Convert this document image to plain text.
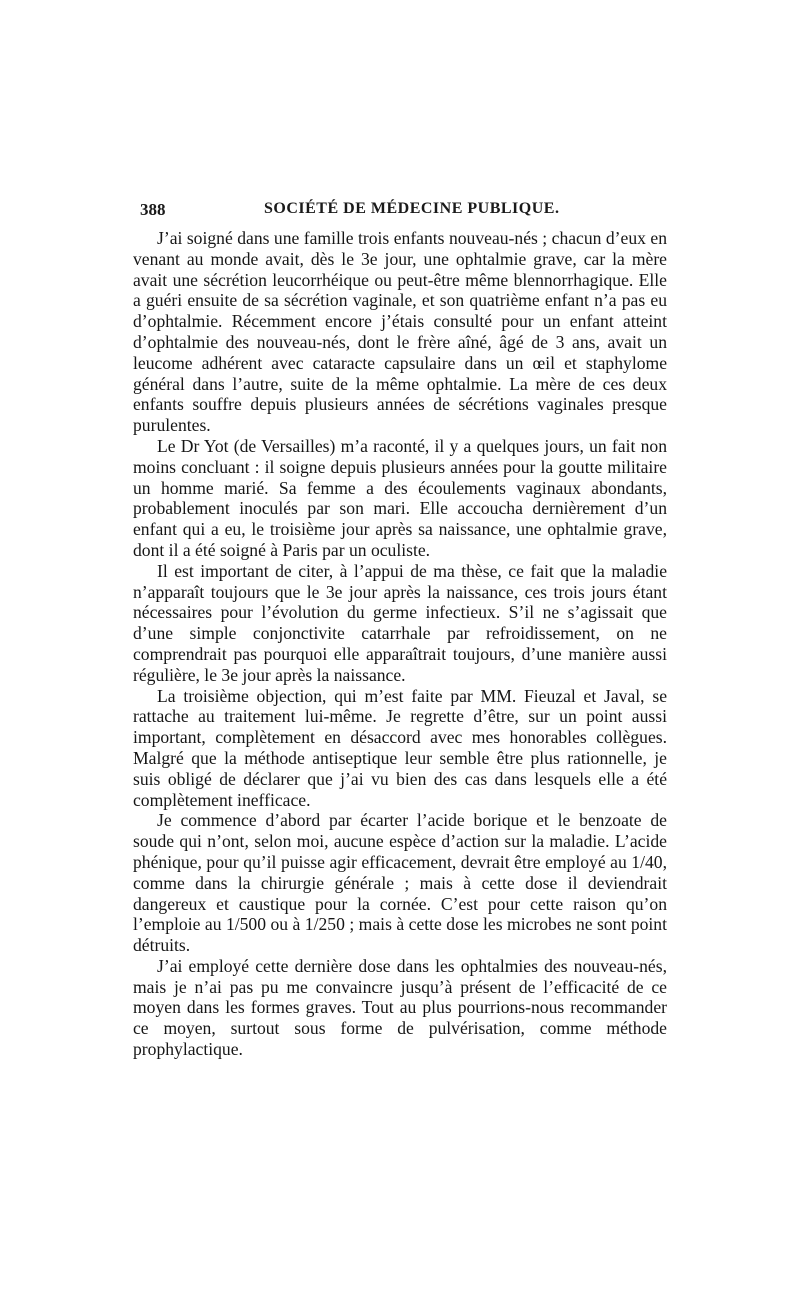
388	SOCIÉTÉ DE MÉDECINE PUBLIQUE.

J’ai soigné dans une famille trois enfants nouveau-nés ; chacun d’eux en venant au monde avait, dès le 3e jour, une ophtalmie grave, car la mère avait une sécrétion leucorrhéique ou peut-être même blennorrhagique. Elle a guéri ensuite de sa sécrétion vaginale, et son quatrième enfant n’a pas eu d’ophtalmie. Récemment encore j’étais consulté pour un enfant atteint d’ophtalmie des nouveau-nés, dont le frère aîné, âgé de 3 ans, avait un leucome adhérent avec cataracte capsulaire dans un œil et staphylome général dans l’autre, suite de la même ophtalmie. La mère de ces deux enfants souffre depuis plusieurs années de sécrétions vaginales presque purulentes.

Le Dr Yot (de Versailles) m’a raconté, il y a quelques jours, un fait non moins concluant : il soigne depuis plusieurs années pour la goutte militaire un homme marié. Sa femme a des écoulements vaginaux abondants, probablement inoculés par son mari. Elle accoucha dernièrement d’un enfant qui a eu, le troisième jour après sa naissance, une ophtalmie grave, dont il a été soigné à Paris par un oculiste.

Il est important de citer, à l’appui de ma thèse, ce fait que la maladie n’apparaît toujours que le 3e jour après la naissance, ces trois jours étant nécessaires pour l’évolution du germe infectieux. S’il ne s’agissait que d’une simple conjonctivite catarrhale par refroidissement, on ne comprendrait pas pourquoi elle apparaîtrait toujours, d’une manière aussi régulière, le 3e jour après la naissance.

La troisième objection, qui m’est faite par MM. Fieuzal et Javal, se rattache au traitement lui-même. Je regrette d’être, sur un point aussi important, complètement en désaccord avec mes honorables collègues. Malgré que la méthode antiseptique leur semble être plus rationnelle, je suis obligé de déclarer que j’ai vu bien des cas dans lesquels elle a été complètement inefficace.

Je commence d’abord par écarter l’acide borique et le benzoate de soude qui n’ont, selon moi, aucune espèce d’action sur la maladie. L’acide phénique, pour qu’il puisse agir efficacement, devrait être employé au 1/40, comme dans la chirurgie générale ; mais à cette dose il deviendrait dangereux et caustique pour la cornée. C’est pour cette raison qu’on l’emploie au 1/500 ou à 1/250 ; mais à cette dose les microbes ne sont point détruits.

J’ai employé cette dernière dose dans les ophtalmies des nouveau-nés, mais je n’ai pas pu me convaincre jusqu’à présent de l’efficacité de ce moyen dans les formes graves. Tout au plus pourrions-nous recommander ce moyen, surtout sous forme de pulvérisation, comme méthode prophylactique.
